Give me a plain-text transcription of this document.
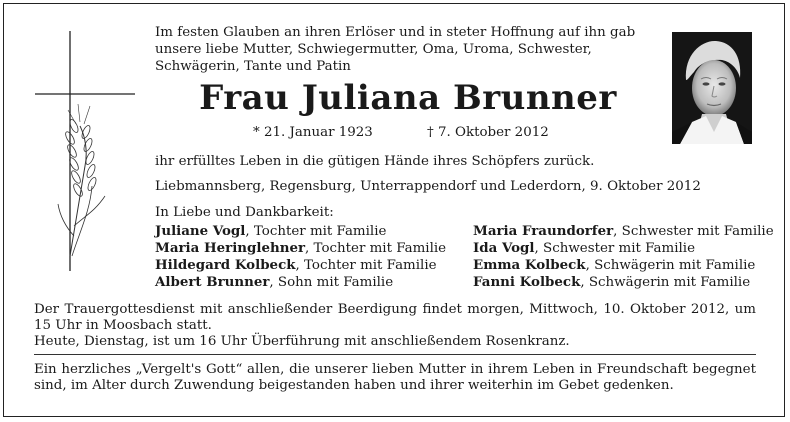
Im festen Glauben an ihren Erlöser und in steter Hoffnung auf ihn gab unsere liebe Mutter, Schwiegermutter, Oma, Uroma, Schwester, Schwägerin, Tante und Patin
Frau Juliana Brunner
* 21. Januar 1923	† 7. Oktober 2012
ihr erfülltes Leben in die gütigen Hände ihres Schöpfers zurück.
Liebmannsberg, Regensburg, Unterrappendorf und Lederdorn, 9. Oktober 2012
In Liebe und Dankbarkeit:
Juliane Vogl, Tochter mit Familie
Maria Heringlehner, Tochter mit Familie
Hildegard Kolbeck, Tochter mit Familie
Albert Brunner, Sohn mit Familie
Maria Fraundorfer, Schwester mit Familie
Ida Vogl, Schwester mit Familie
Emma Kolbeck, Schwägerin mit Familie
Fanni Kolbeck, Schwägerin mit Familie
Der Trauergottesdienst mit anschließender Beerdigung findet morgen, Mittwoch, 10. Oktober 2012, um 15 Uhr in Moosbach statt.
Heute, Dienstag, ist um 16 Uhr Überführung mit anschließendem Rosenkranz.
Ein herzliches „Vergelt's Gott“ allen, die unserer lieben Mutter in ihrem Leben in Freundschaft begegnet sind, im Alter durch Zuwendung beigestanden haben und ihrer weiterhin im Gebet gedenken.
